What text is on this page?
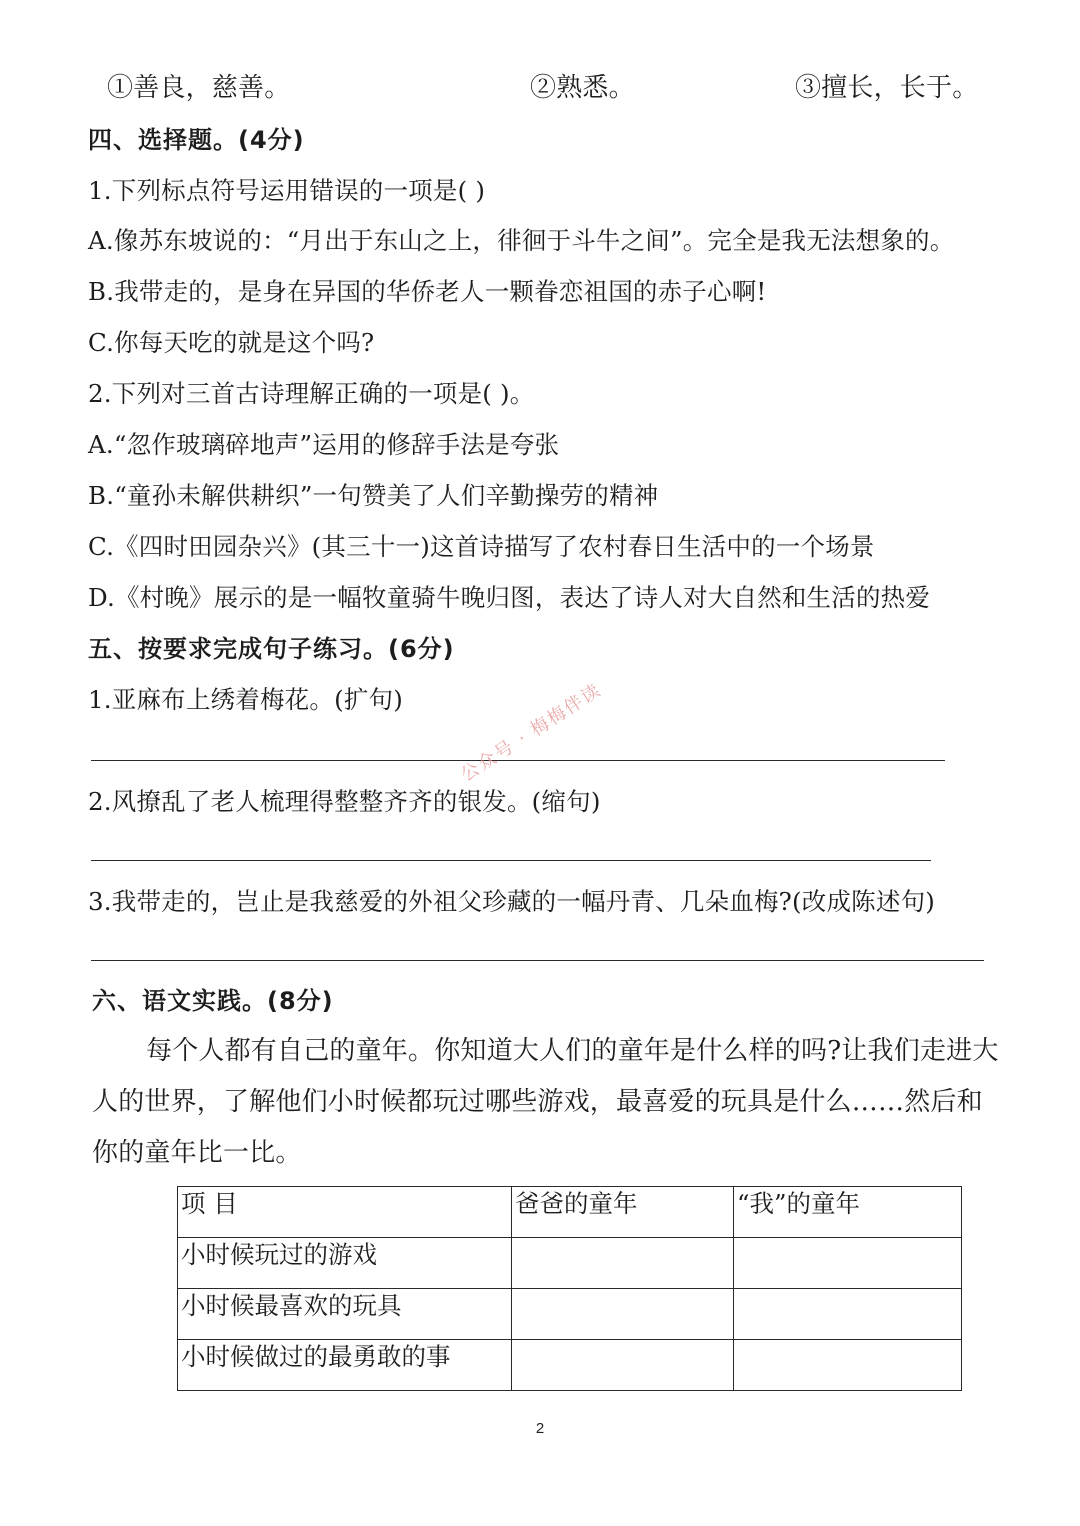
①善良，慈善。	②熟悉。	③擅长，长于。
四、选择题。(4分)
1.下列标点符号运用错误的一项是( )
A.像苏东坡说的：“月出于东山之上，徘徊于斗牛之间”。完全是我无法想象的。
B.我带走的，是身在异国的华侨老人一颗眷恋祖国的赤子心啊!
C.你每天吃的就是这个吗?
2.下列对三首古诗理解正确的一项是( )。
A.“忽作玻璃碎地声”运用的修辞手法是夸张
B.“童孙未解供耕织”一句赞美了人们辛勤操劳的精神
C.《四时田园杂兴》(其三十一)这首诗描写了农村春日生活中的一个场景
D.《村晚》展示的是一幅牧童骑牛晚归图，表达了诗人对大自然和生活的热爱
五、按要求完成句子练习。(6分)
1.亚麻布上绣着梅花。(扩句)
2.风撩乱了老人梳理得整整齐齐的银发。(缩句)
3.我带走的，岂止是我慈爱的外祖父珍藏的一幅丹青、几朵血梅?(改成陈述句)
公众号 · 梅梅伴读
六、语文实践。(8分)
每个人都有自己的童年。你知道大人们的童年是什么样的吗?让我们走进大
人的世界，了解他们小时候都玩过哪些游戏，最喜爱的玩具是什么……然后和
你的童年比一比。
项 目	爸爸的童年	“我”的童年
小时候玩过的游戏		
小时候最喜欢的玩具		
小时候做过的最勇敢的事		
2
